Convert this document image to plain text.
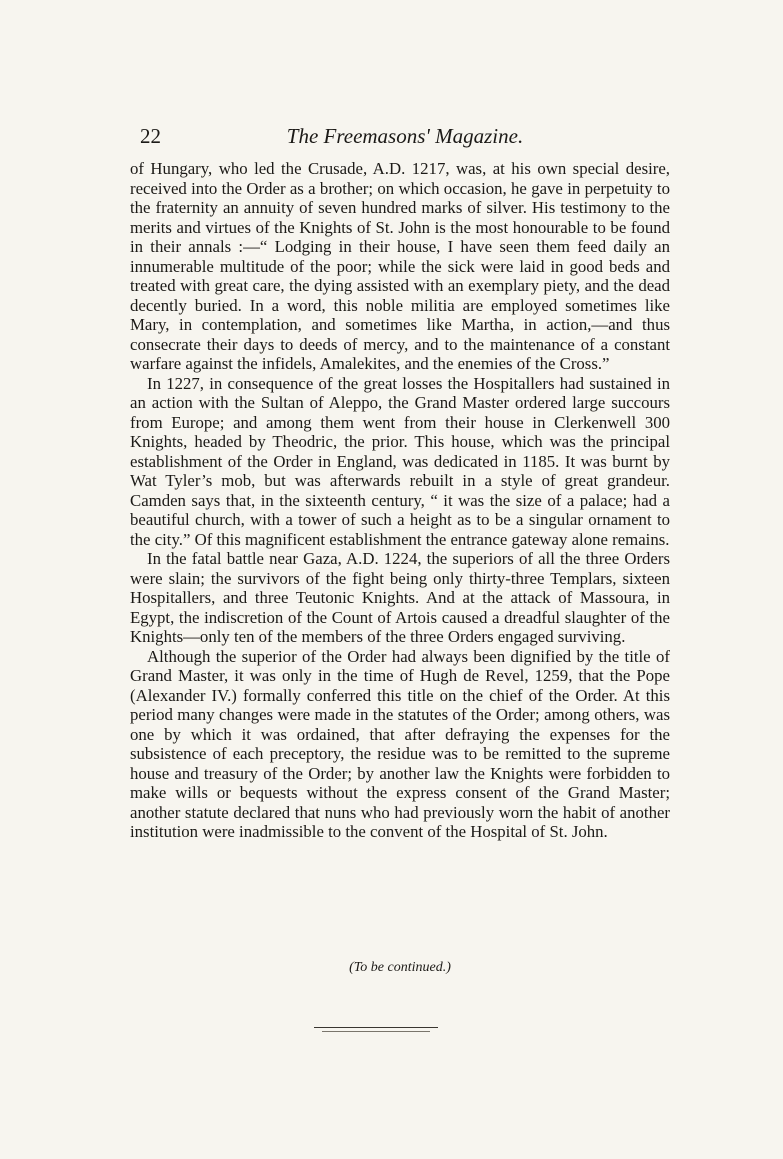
22	The Freemasons' Magazine.

of Hungary, who led the Crusade, A.D. 1217, was, at his own special desire, received into the Order as a brother; on which occasion, he gave in perpetuity to the fraternity an annuity of seven hundred marks of silver. His testimony to the merits and virtues of the Knights of St. John is the most honourable to be found in their annals :—“ Lodging in their house, I have seen them feed daily an innumerable multitude of the poor; while the sick were laid in good beds and treated with great care, the dying assisted with an exemplary piety, and the dead decently buried. In a word, this noble militia are employed sometimes like Mary, in contemplation, and sometimes like Martha, in action,—and thus consecrate their days to deeds of mercy, and to the maintenance of a constant warfare against the infidels, Amalekites, and the enemies of the Cross.”

In 1227, in consequence of the great losses the Hospitallers had sustained in an action with the Sultan of Aleppo, the Grand Master ordered large succours from Europe; and among them went from their house in Clerkenwell 300 Knights, headed by Theodric, the prior. This house, which was the principal establishment of the Order in England, was dedicated in 1185. It was burnt by Wat Tyler’s mob, but was afterwards rebuilt in a style of great grandeur. Camden says that, in the sixteenth century, “ it was the size of a palace; had a beautiful church, with a tower of such a height as to be a singular ornament to the city.” Of this magnificent establishment the entrance gateway alone remains.

In the fatal battle near Gaza, A.D. 1224, the superiors of all the three Orders were slain; the survivors of the fight being only thirty-three Templars, sixteen Hospitallers, and three Teutonic Knights. And at the attack of Massoura, in Egypt, the indiscretion of the Count of Artois caused a dreadful slaughter of the Knights—only ten of the members of the three Orders engaged surviving.

Although the superior of the Order had always been dignified by the title of Grand Master, it was only in the time of Hugh de Revel, 1259, that the Pope (Alexander IV.) formally conferred this title on the chief of the Order. At this period many changes were made in the statutes of the Order; among others, was one by which it was ordained, that after defraying the expenses for the subsistence of each preceptory, the residue was to be remitted to the supreme house and treasury of the Order; by another law the Knights were forbidden to make wills or bequests without the express consent of the Grand Master; another statute declared that nuns who had previously worn the habit of another institution were inadmissible to the convent of the Hospital of St. John.

(To be continued.)
